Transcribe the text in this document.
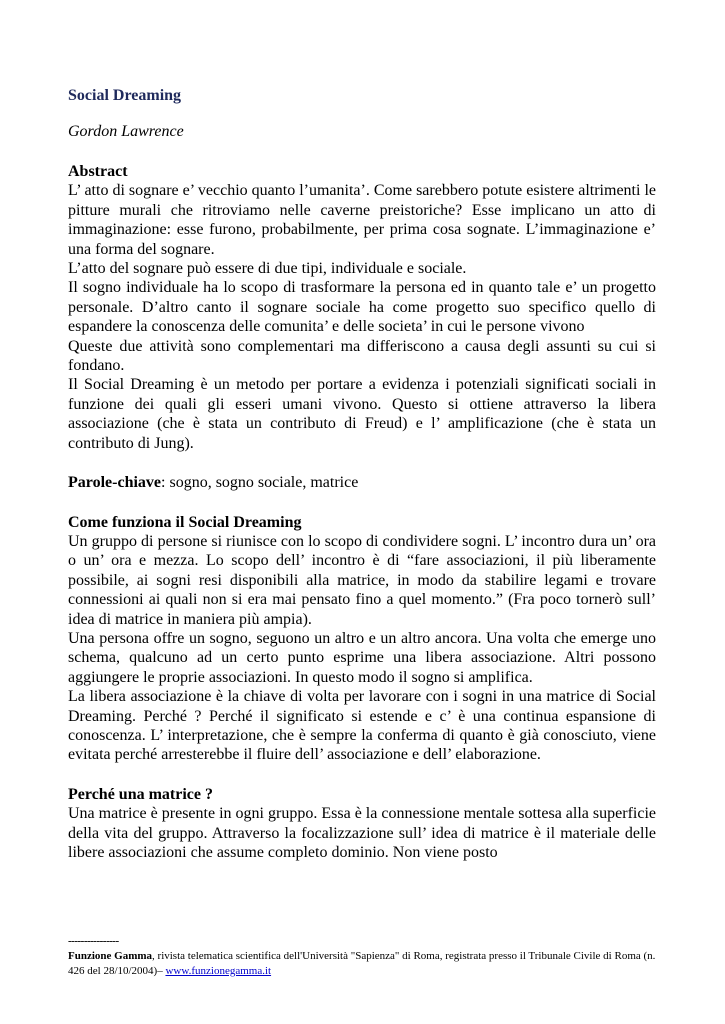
Social Dreaming
Gordon Lawrence
Abstract

L’ atto di sognare e’ vecchio quanto l’umanita’. Come sarebbero potute esistere altrimenti le pitture murali che ritroviamo nelle caverne preistoriche? Esse implicano un atto di immaginazione: esse furono, probabilmente, per prima cosa sognate. L’immaginazione e’ una forma del sognare.

L’atto del sognare può essere di due tipi, individuale e sociale.

Il sogno individuale ha lo scopo di trasformare la persona ed in quanto tale e’ un progetto personale. D’altro canto il sognare sociale ha come progetto suo specifico quello di espandere la conoscenza delle comunita’ e delle societa’ in cui le persone vivono

Queste due attività sono complementari ma differiscono a causa degli assunti su cui si fondano.

Il Social Dreaming è un metodo per portare a evidenza i potenziali significati sociali in funzione dei quali gli esseri umani vivono. Questo si ottiene attraverso la libera associazione (che è stata un contributo di Freud) e l’ amplificazione (che è stata un contributo di Jung).

Parole-chiave: sogno, sogno sociale, matrice

Come funziona il Social Dreaming

Un gruppo di persone si riunisce con lo scopo di condividere sogni. L’ incontro dura un’ ora o un’ ora e mezza. Lo scopo dell’ incontro è di “fare associazioni, il più liberamente possibile, ai sogni resi disponibili alla matrice, in modo da stabilire legami e trovare connessioni ai quali non si era mai pensato fino a quel momento.” (Fra poco tornerò sull’ idea di matrice in maniera più ampia).

Una persona offre un sogno, seguono un altro e un altro ancora. Una volta che emerge uno schema, qualcuno ad un certo punto esprime una libera associazione. Altri possono aggiungere le proprie associazioni. In questo modo il sogno si amplifica.

La libera associazione è la chiave di volta per lavorare con i sogni in una matrice di Social Dreaming. Perché ? Perché il significato si estende e c’ è una continua espansione di conoscenza. L’ interpretazione, che è sempre la conferma di quanto è già conosciuto, viene evitata perché arresterebbe il fluire dell’ associazione e dell’ elaborazione.

Perché una matrice ?

Una matrice è presente in ogni gruppo. Essa è la connessione mentale sottesa alla superficie della vita del gruppo. Attraverso la focalizzazione sull’ idea di matrice è il materiale delle libere associazioni che assume completo dominio. Non viene posto

----------------
Funzione Gamma, rivista telematica scientifica dell'Università "Sapienza" di Roma, registrata presso il Tribunale Civile di Roma (n. 426 del 28/10/2004)– www.funzionegamma.it
